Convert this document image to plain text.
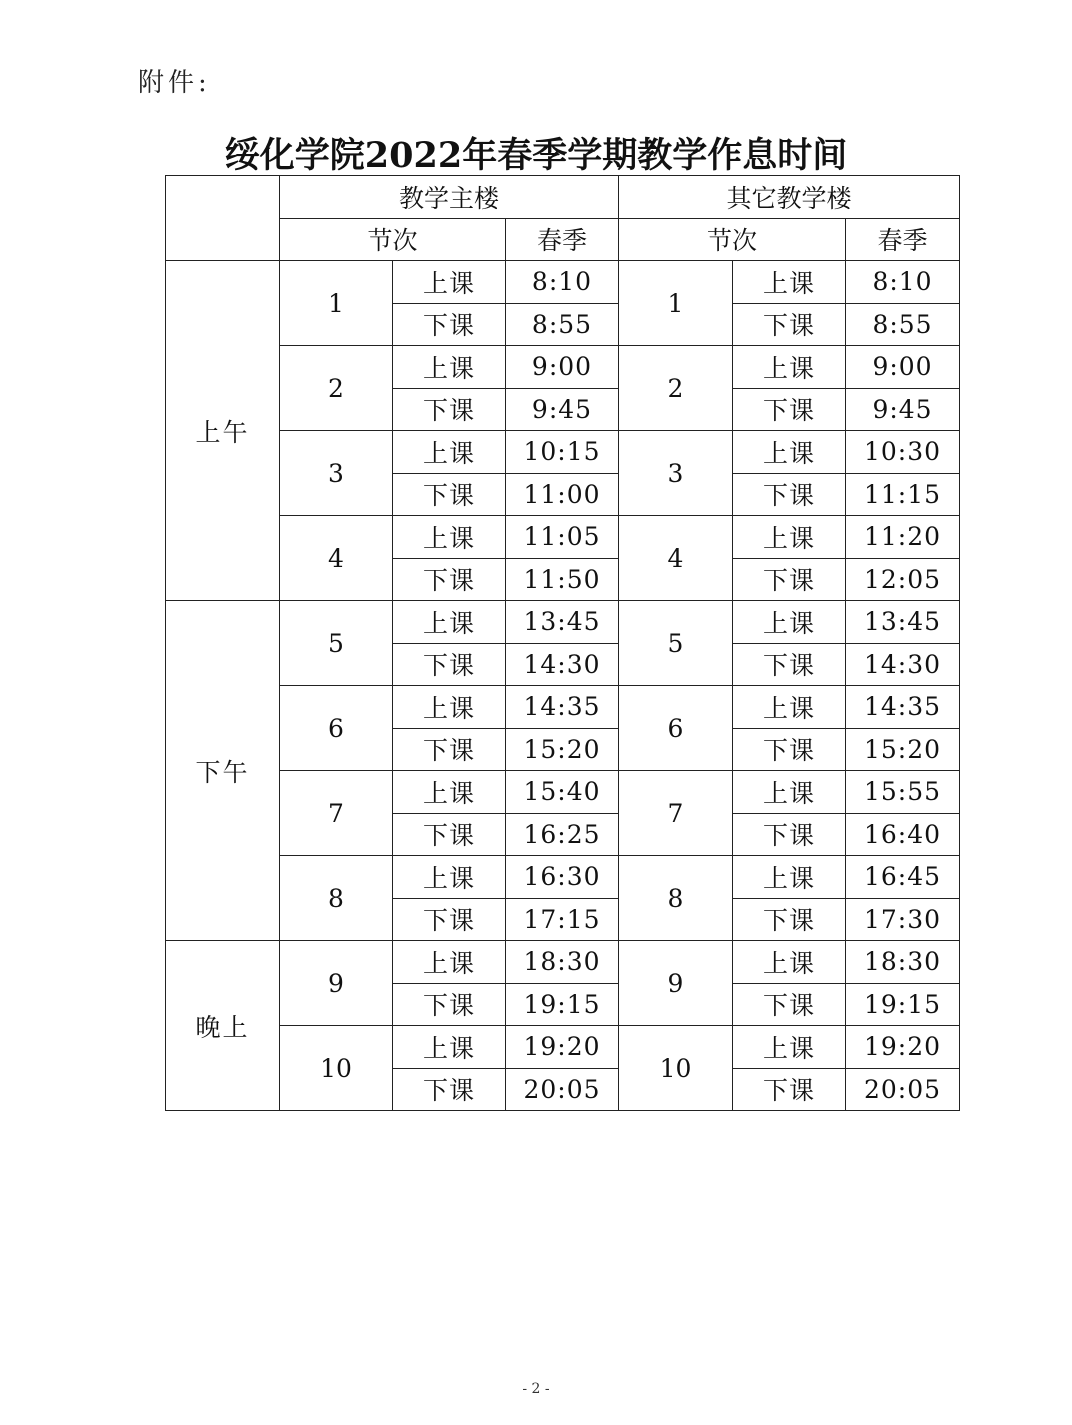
附件:
绥化学院2022年春季学期教学作息时间
	教学主楼			其它教学楼		
	节次		春季	节次		春季
上午	1	上课	8:10	1	上课	8:10
		下课	8:55		下课	8:55
	2	上课	9:00	2	上课	9:00
		下课	9:45		下课	9:45
	3	上课	10:15	3	上课	10:30
		下课	11:00		下课	11:15
	4	上课	11:05	4	上课	11:20
		下课	11:50		下课	12:05
下午	5	上课	13:45	5	上课	13:45
		下课	14:30		下课	14:30
	6	上课	14:35	6	上课	14:35
		下课	15:20		下课	15:20
	7	上课	15:40	7	上课	15:55
		下课	16:25		下课	16:40
	8	上课	16:30	8	上课	16:45
		下课	17:15		下课	17:30
晚上	9	上课	18:30	9	上课	18:30
		下课	19:15		下课	19:15
	10	上课	19:20	10	上课	19:20
		下课	20:05		下课	20:05
- 2 -
